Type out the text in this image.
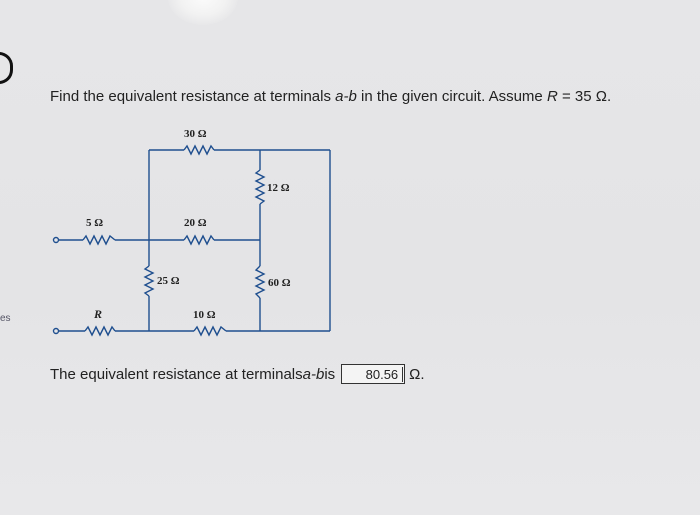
es
Find the equivalent resistance at terminals a-b in the given circuit. Assume R = 35 Ω.
30 Ω
12 Ω
5 Ω	20 Ω
25 Ω	60 Ω
R	10 Ω
The equivalent resistance at terminals a-b is	80.56 Ω.
